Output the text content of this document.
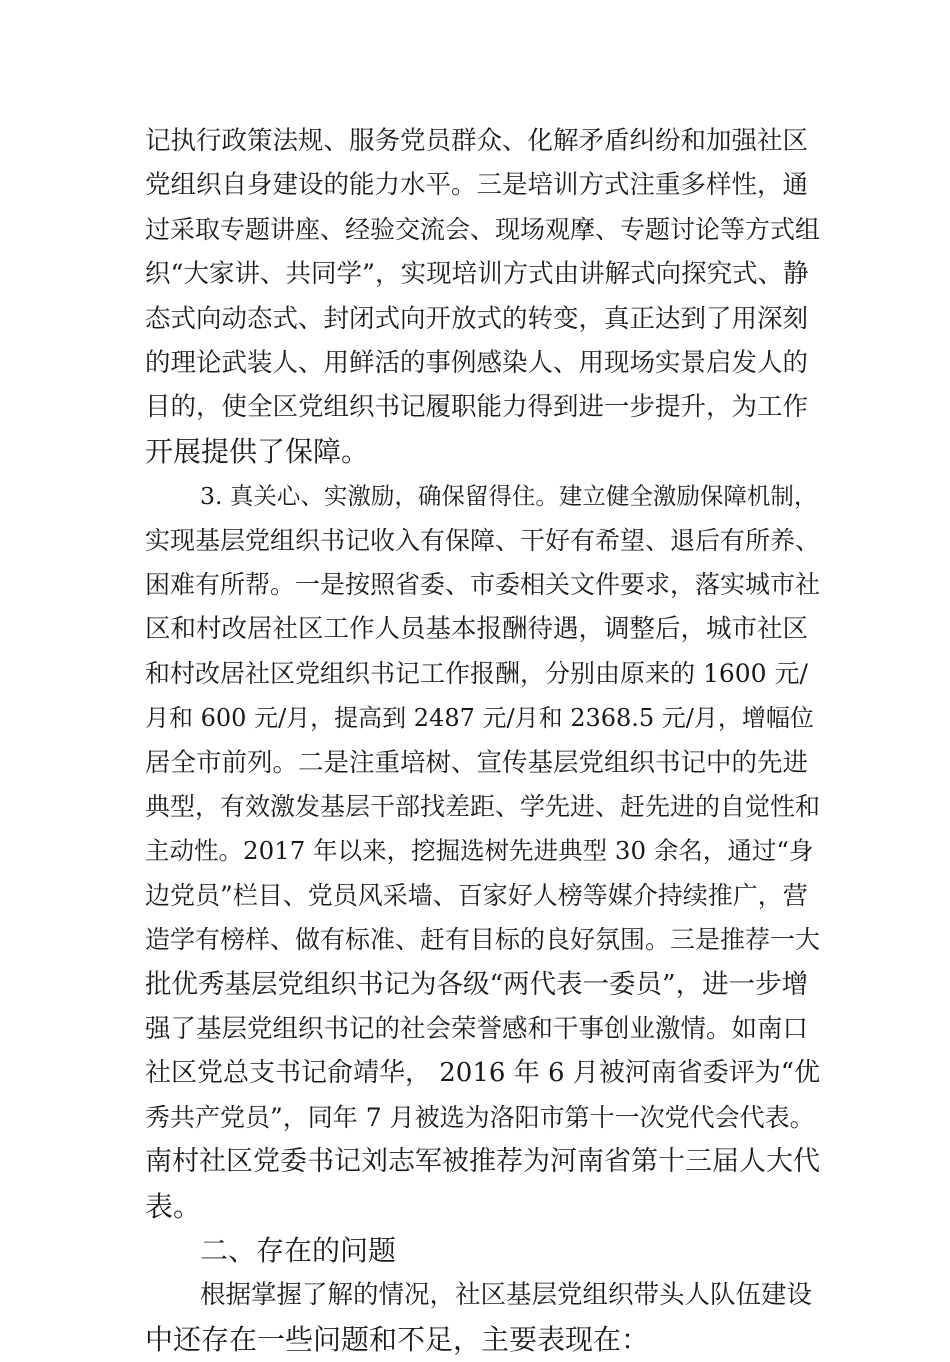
记执行政策法规、服务党员群众、化解矛盾纠纷和加强社区
党组织自身建设的能力水平。三是培训方式注重多样性，通
过采取专题讲座、经验交流会、现场观摩、专题讨论等方式组
织“大家讲、共同学”，实现培训方式由讲解式向探究式、静
态式向动态式、封闭式向开放式的转变，真正达到了用深刻
的理论武装人、用鲜活的事例感染人、用现场实景启发人的
目的，使全区党组织书记履职能力得到进一步提升，为工作
开展提供了保障。
3. 真关心、实激励，确保留得住。建立健全激励保障机制，
实现基层党组织书记收入有保障、干好有希望、退后有所养、
困难有所帮。一是按照省委、市委相关文件要求，落实城市社
区和村改居社区工作人员基本报酬待遇，调整后，城市社区
和村改居社区党组织书记工作报酬，分别由原来的 1600 元/
月和 600 元/月，提高到 2487 元/月和 2368.5 元/月，增幅位
居全市前列。二是注重培树、宣传基层党组织书记中的先进
典型，有效激发基层干部找差距、学先进、赶先进的自觉性和
主动性。2017 年以来，挖掘选树先进典型 30 余名，通过“身
边党员”栏目、党员风采墙、百家好人榜等媒介持续推广，营
造学有榜样、做有标准、赶有目标的良好氛围。三是推荐一大
批优秀基层党组织书记为各级“两代表一委员”，进一步增
强了基层党组织书记的社会荣誉感和干事创业激情。如南口
社区党总支书记俞靖华， 2016 年 6 月被河南省委评为“优
秀共产党员”，同年 7 月被选为洛阳市第十一次党代会代表。
南村社区党委书记刘志军被推荐为河南省第十三届人大代
表。
二、存在的问题
根据掌握了解的情况，社区基层党组织带头人队伍建设
中还存在一些问题和不足，主要表现在：
